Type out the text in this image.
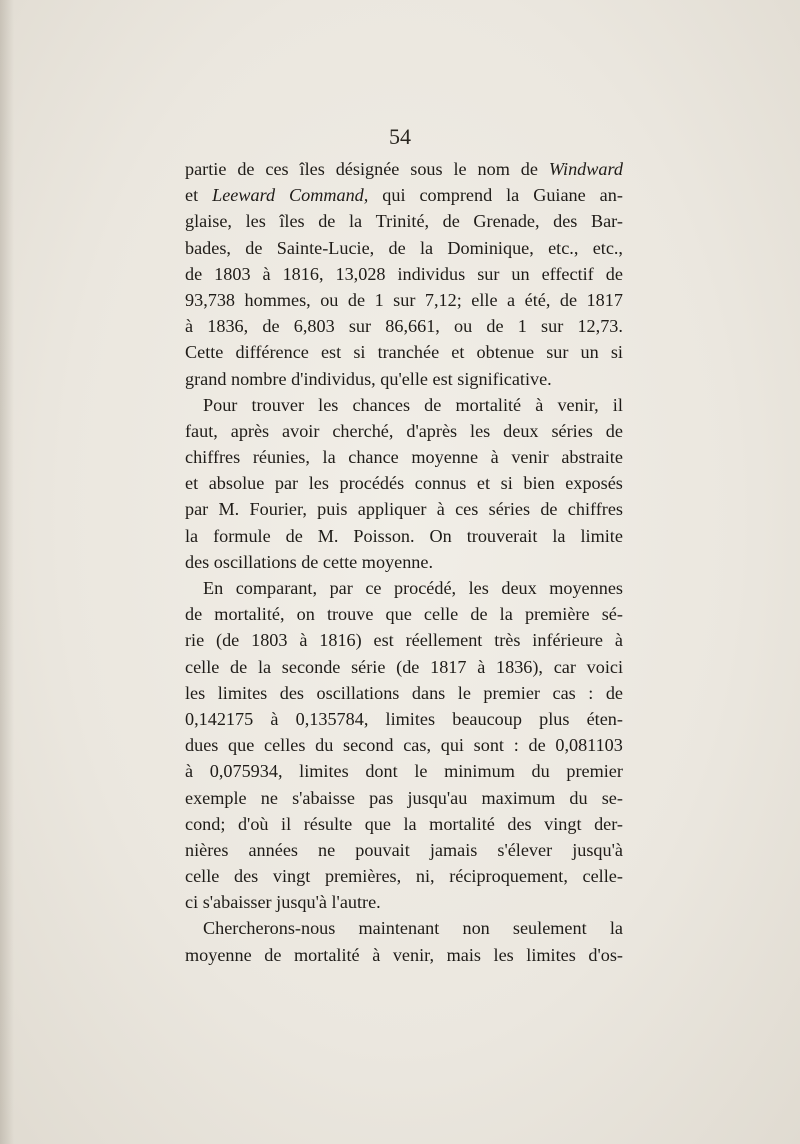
54
partie de ces îles désignée sous le nom de Windward
et Leeward Command, qui comprend la Guiane an-
glaise, les îles de la Trinité, de Grenade, des Bar-
bades, de Sainte-Lucie, de la Dominique, etc., etc.,
de 1803 à 1816, 13,028 individus sur un effectif de
93,738 hommes, ou de 1 sur 7,12; elle a été, de 1817
à 1836, de 6,803 sur 86,661, ou de 1 sur 12,73.
Cette différence est si tranchée et obtenue sur un si
grand nombre d'individus, qu'elle est significative.
Pour trouver les chances de mortalité à venir, il
faut, après avoir cherché, d'après les deux séries de
chiffres réunies, la chance moyenne à venir abstraite
et absolue par les procédés connus et si bien exposés
par M. Fourier, puis appliquer à ces séries de chiffres
la formule de M. Poisson. On trouverait la limite
des oscillations de cette moyenne.
En comparant, par ce procédé, les deux moyennes
de mortalité, on trouve que celle de la première sé-
rie (de 1803 à 1816) est réellement très inférieure à
celle de la seconde série (de 1817 à 1836), car voici
les limites des oscillations dans le premier cas : de
0,142175 à 0,135784, limites beaucoup plus éten-
dues que celles du second cas, qui sont : de 0,081103
à 0,075934, limites dont le minimum du premier
exemple ne s'abaisse pas jusqu'au maximum du se-
cond; d'où il résulte que la mortalité des vingt der-
nières années ne pouvait jamais s'élever jusqu'à
celle des vingt premières, ni, réciproquement, celle-
ci s'abaisser jusqu'à l'autre.
Chercherons-nous maintenant non seulement la
moyenne de mortalité à venir, mais les limites d'os-
